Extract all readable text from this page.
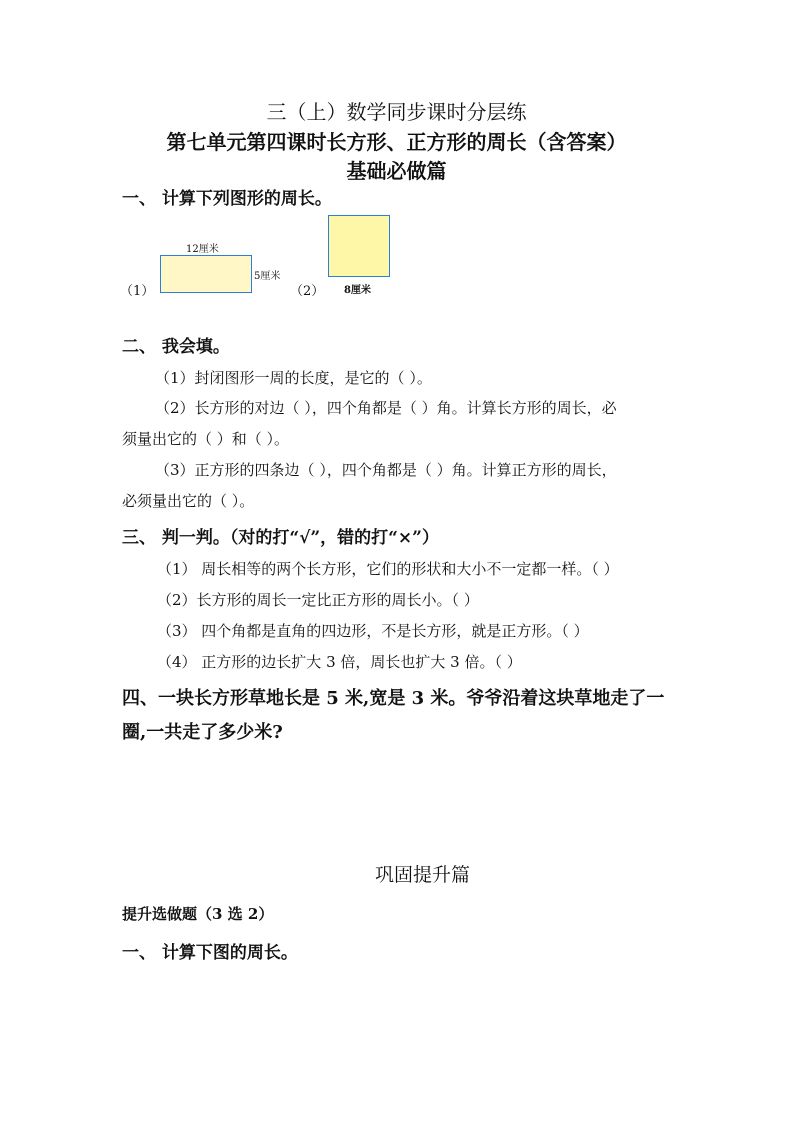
三（上）数学同步课时分层练
第七单元第四课时长方形、正方形的周长（含答案）
基础必做篇
一、 计算下列图形的周长。
12厘米
5厘米
（1）	8厘米
（2）
二、 我会填。
（1）封闭图形一周的长度，是它的（ ）。
（2）长方形的对边（ ），四个角都是（ ）角。计算长方形的周长，必
须量出它的（ ）和（ ）。
（3）正方形的四条边（ ），四个角都是（ ）角。计算正方形的周长，
必须量出它的（ ）。
三、 判一判。（对的打“√”，错的打“×”）
（1） 周长相等的两个长方形，它们的形状和大小不一定都一样。（ ）
（2）长方形的周长一定比正方形的周长小。（ ）
（3） 四个角都是直角的四边形，不是长方形，就是正方形。（ ）
（4） 正方形的边长扩大 3 倍，周长也扩大 3 倍。（ ）
四、一块长方形草地长是 5 米,宽是 3 米。爷爷沿着这块草地走了一
圈,一共走了多少米?
巩固提升篇
提升选做题（3 选 2）
一、 计算下图的周长。
